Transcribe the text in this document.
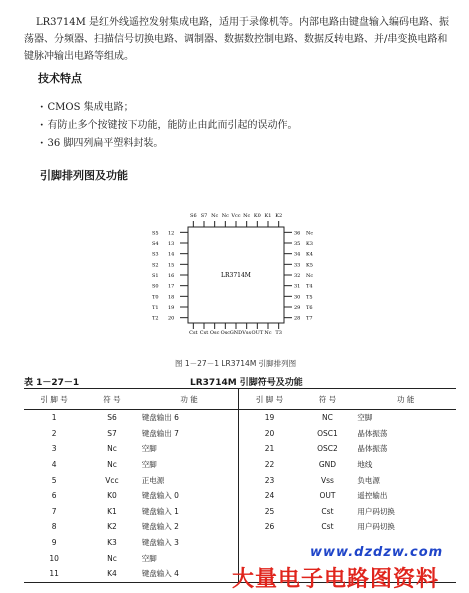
LR3714M 是红外线遥控发射集成电路，适用于录像机等。内部电路由键盘输入编码电路、振荡器、分频器、扫描信号切换电路、调制器、数据数控制电路、数据反转电路、并/串变换电路和键脉冲输出电路等组成。

技术特点
· CMOS 集成电路；
· 有防止多个按键按下功能，能防止由此而引起的误动作。
· 36 脚四列扁平塑料封装。
引脚排列图及功能
LR3714M
S6 S7 Nc Nc Vcc Nc K0 K1 K2
Cst Cst Osc Osc GND Vss OUT Nc T3
S5 12
S4 13
S3 14
S2 15
S1 16
S0 17
T0 18
T1 19
T2 20
36 Nc
35 K3
34 K4
33 K5
32 Nc
31 T4
30 T5
29 T6
28 T7
图 1－27－1 LR3714M 引脚排列图
表 1－27－1	LR3714M 引脚符号及功能
引 脚 号	符 号	功 能	引 脚 号	符 号	功 能
1	S6	键盘输出 6	19	NC	空脚
2	S7	键盘输出 7	20	OSC1	晶体振荡
3	Nc	空脚	21	OSC2	晶体振荡
4	Nc	空脚	22	GND	地线
5	Vcc	正电源	23	Vss	负电源
6	K0	键盘输入 0	24	OUT	遥控输出
7	K1	键盘输入 1	25	Cst	用户码切换
8	K2	键盘输入 2	26	Cst	用户码切换
9	K3	键盘输入 3			
10	Nc	空脚			
11	K4	键盘输入 4			
www.dzdzw.com
大量电子电路图资料
